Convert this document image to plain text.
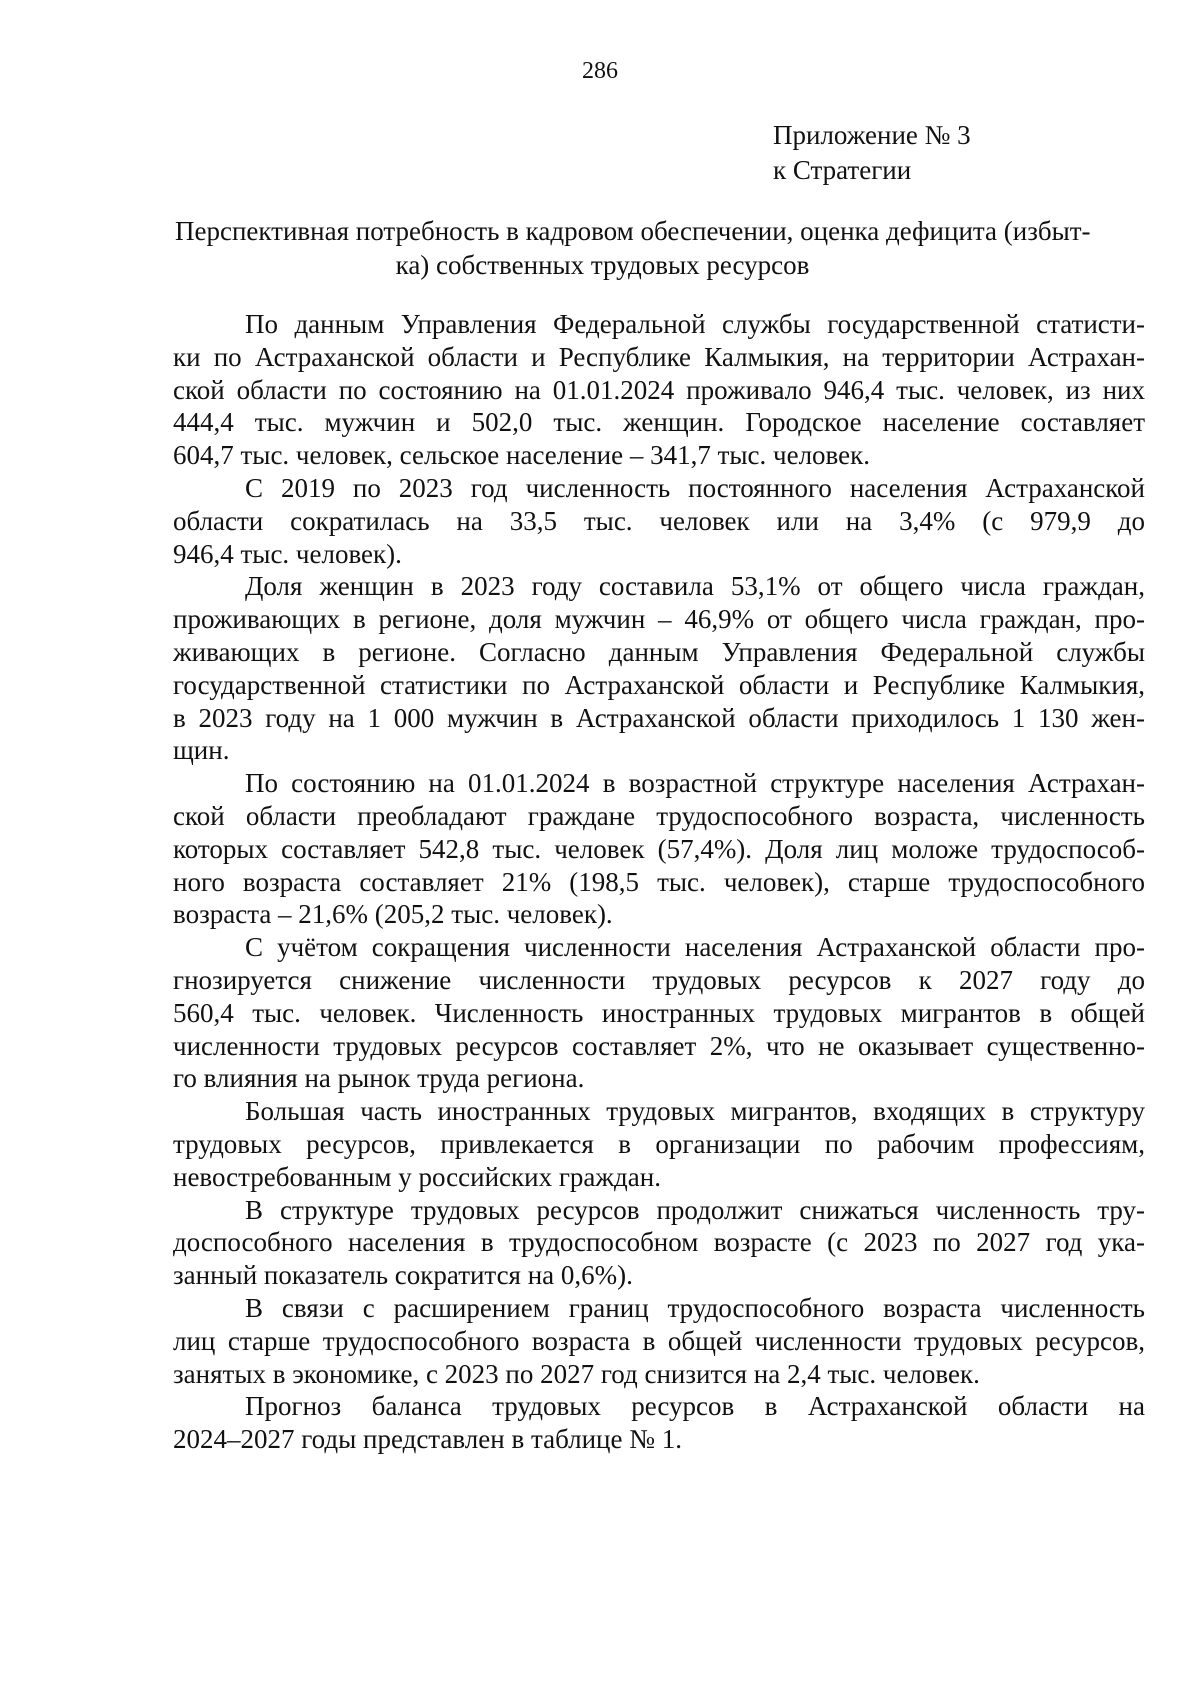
286
Приложение № 3
к Стратегии
Перспективная потребность в кадровом обеспечении, оценка дефицита (избыт-
ка) собственных трудовых ресурсов
По данным Управления Федеральной службы государственной статисти-
ки по Астраханской области и Республике Калмыкия, на территории Астрахан-
ской области по состоянию на 01.01.2024 проживало 946,4 тыс. человек, из них
444,4 тыс. мужчин и 502,0 тыс. женщин. Городское население составляет
604,7 тыс. человек, сельское население – 341,7 тыс. человек.
С 2019 по 2023 год численность постоянного населения Астраханской
области сократилась на 33,5 тыс. человек или на 3,4% (с 979,9 до
946,4 тыс. человек).
Доля женщин в 2023 году составила 53,1% от общего числа граждан,
проживающих в регионе, доля мужчин – 46,9% от общего числа граждан, про-
живающих в регионе. Согласно данным Управления Федеральной службы
государственной статистики по Астраханской области и Республике Калмыкия,
в 2023 году на 1 000 мужчин в Астраханской области приходилось 1 130 жен-
щин.
По состоянию на 01.01.2024 в возрастной структуре населения Астрахан-
ской области преобладают граждане трудоспособного возраста, численность
которых составляет 542,8 тыс. человек (57,4%). Доля лиц моложе трудоспособ-
ного возраста составляет 21% (198,5 тыс. человек), старше трудоспособного
возраста – 21,6% (205,2 тыс. человек).
С учётом сокращения численности населения Астраханской области про-
гнозируется снижение численности трудовых ресурсов к 2027 году до
560,4 тыс. человек. Численность иностранных трудовых мигрантов в общей
численности трудовых ресурсов составляет 2%, что не оказывает существенно-
го влияния на рынок труда региона.
Большая часть иностранных трудовых мигрантов, входящих в структуру
трудовых ресурсов, привлекается в организации по рабочим профессиям,
невостребованным у российских граждан.
В структуре трудовых ресурсов продолжит снижаться численность тру-
доспособного населения в трудоспособном возрасте (с 2023 по 2027 год ука-
занный показатель сократится на 0,6%).
В связи с расширением границ трудоспособного возраста численность
лиц старше трудоспособного возраста в общей численности трудовых ресурсов,
занятых в экономике, с 2023 по 2027 год снизится на 2,4 тыс. человек.
Прогноз баланса трудовых ресурсов в Астраханской области на
2024–2027 годы представлен в таблице № 1.
